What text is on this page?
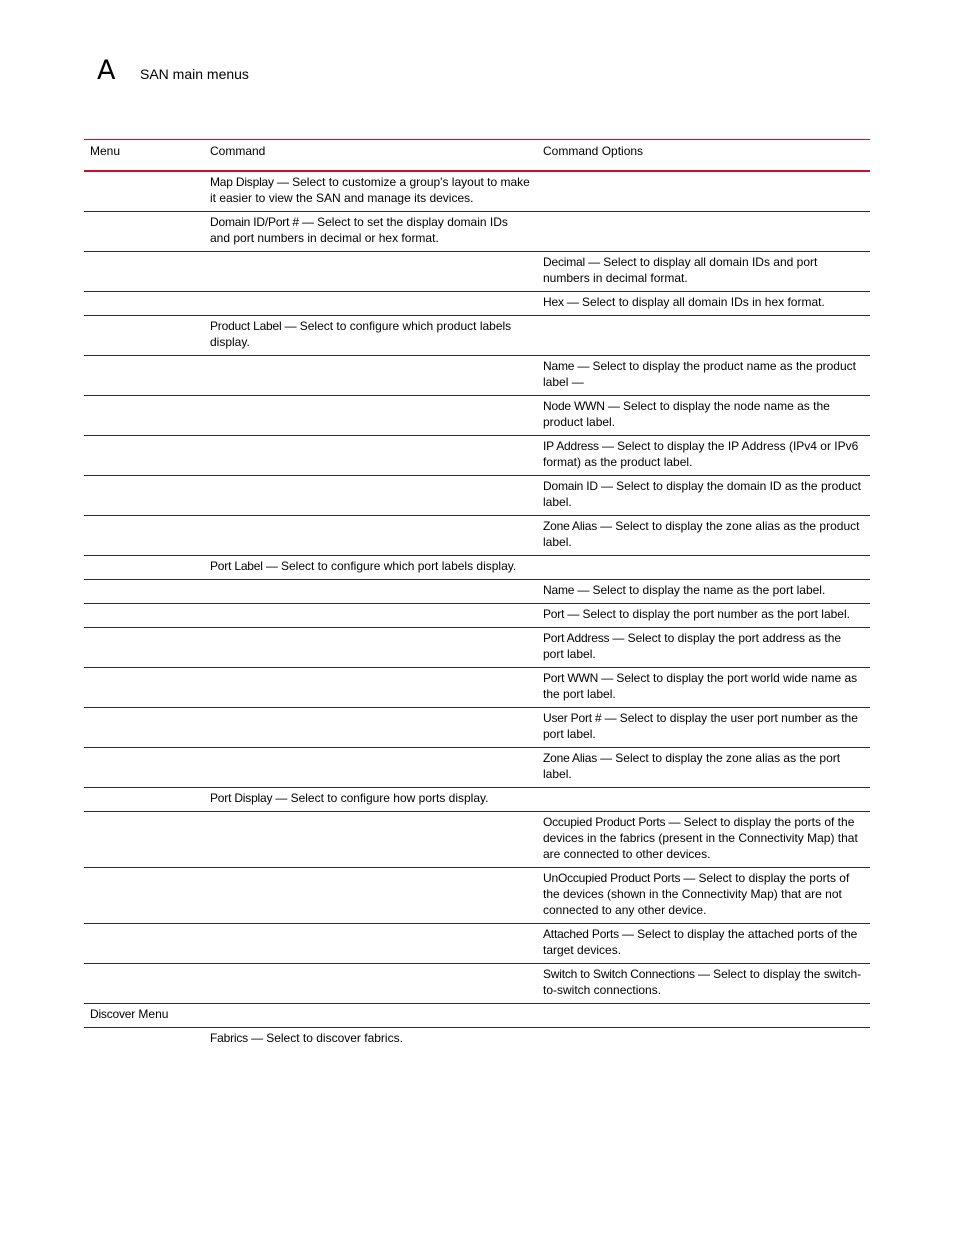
A SAN main menus
Menu	Command	Command Options
	Map Display — Select to customize a group's layout to make it easier to view the SAN and manage its devices.	
	Domain ID/Port # — Select to set the display domain IDs and port numbers in decimal or hex format.	
		Decimal — Select to display all domain IDs and port numbers in decimal format.
		Hex — Select to display all domain IDs in hex format.
	Product Label — Select to configure which product labels display.	
		Name — Select to display the product name as the product label —
		Node WWN — Select to display the node name as the product label.
		IP Address — Select to display the IP Address (IPv4 or IPv6 format) as the product label.
		Domain ID — Select to display the domain ID as the product label.
		Zone Alias — Select to display the zone alias as the product label.
	Port Label — Select to configure which port labels display.	
		Name — Select to display the name as the port label.
		Port — Select to display the port number as the port label.
		Port Address — Select to display the port address as the port label.
		Port WWN — Select to display the port world wide name as the port label.
		User Port # — Select to display the user port number as the port label.
		Zone Alias — Select to display the zone alias as the port label.
	Port Display — Select to configure how ports display.	
		Occupied Product Ports — Select to display the ports of the devices in the fabrics (present in the Connectivity Map) that are connected to other devices.
		UnOccupied Product Ports — Select to display the ports of the devices (shown in the Connectivity Map) that are not connected to any other device.
		Attached Ports — Select to display the attached ports of the target devices.
		Switch to Switch Connections — Select to display the switch-to-switch connections.
Discover Menu		
	Fabrics — Select to discover fabrics.	
